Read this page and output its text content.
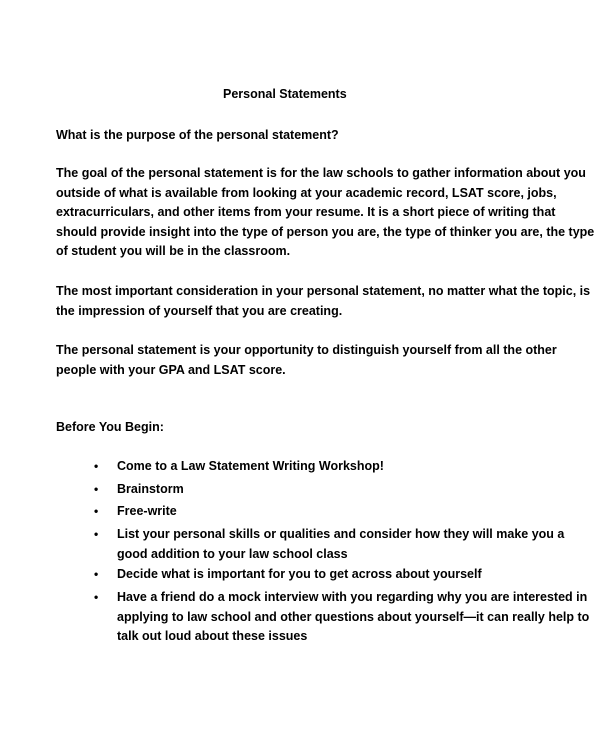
Personal Statements
What is the purpose of the personal statement?
The goal of the personal statement is for the law schools to gather information about you
outside of what is available from looking at your academic record, LSAT score, jobs,
extracurriculars, and other items from your resume. It is a short piece of writing that
should provide insight into the type of person you are, the type of thinker you are, the type
of student you will be in the classroom.
The most important consideration in your personal statement, no matter what the topic, is
the impression of yourself that you are creating.
The personal statement is your opportunity to distinguish yourself from all the other
people with your GPA and LSAT score.
Before You Begin:
• Come to a Law Statement Writing Workshop!
• Brainstorm
• Free-write
• List your personal skills or qualities and consider how they will make you a
good addition to your law school class
• Decide what is important for you to get across about yourself
• Have a friend do a mock interview with you regarding why you are interested in
applying to law school and other questions about yourself—it can really help to
talk out loud about these issues
